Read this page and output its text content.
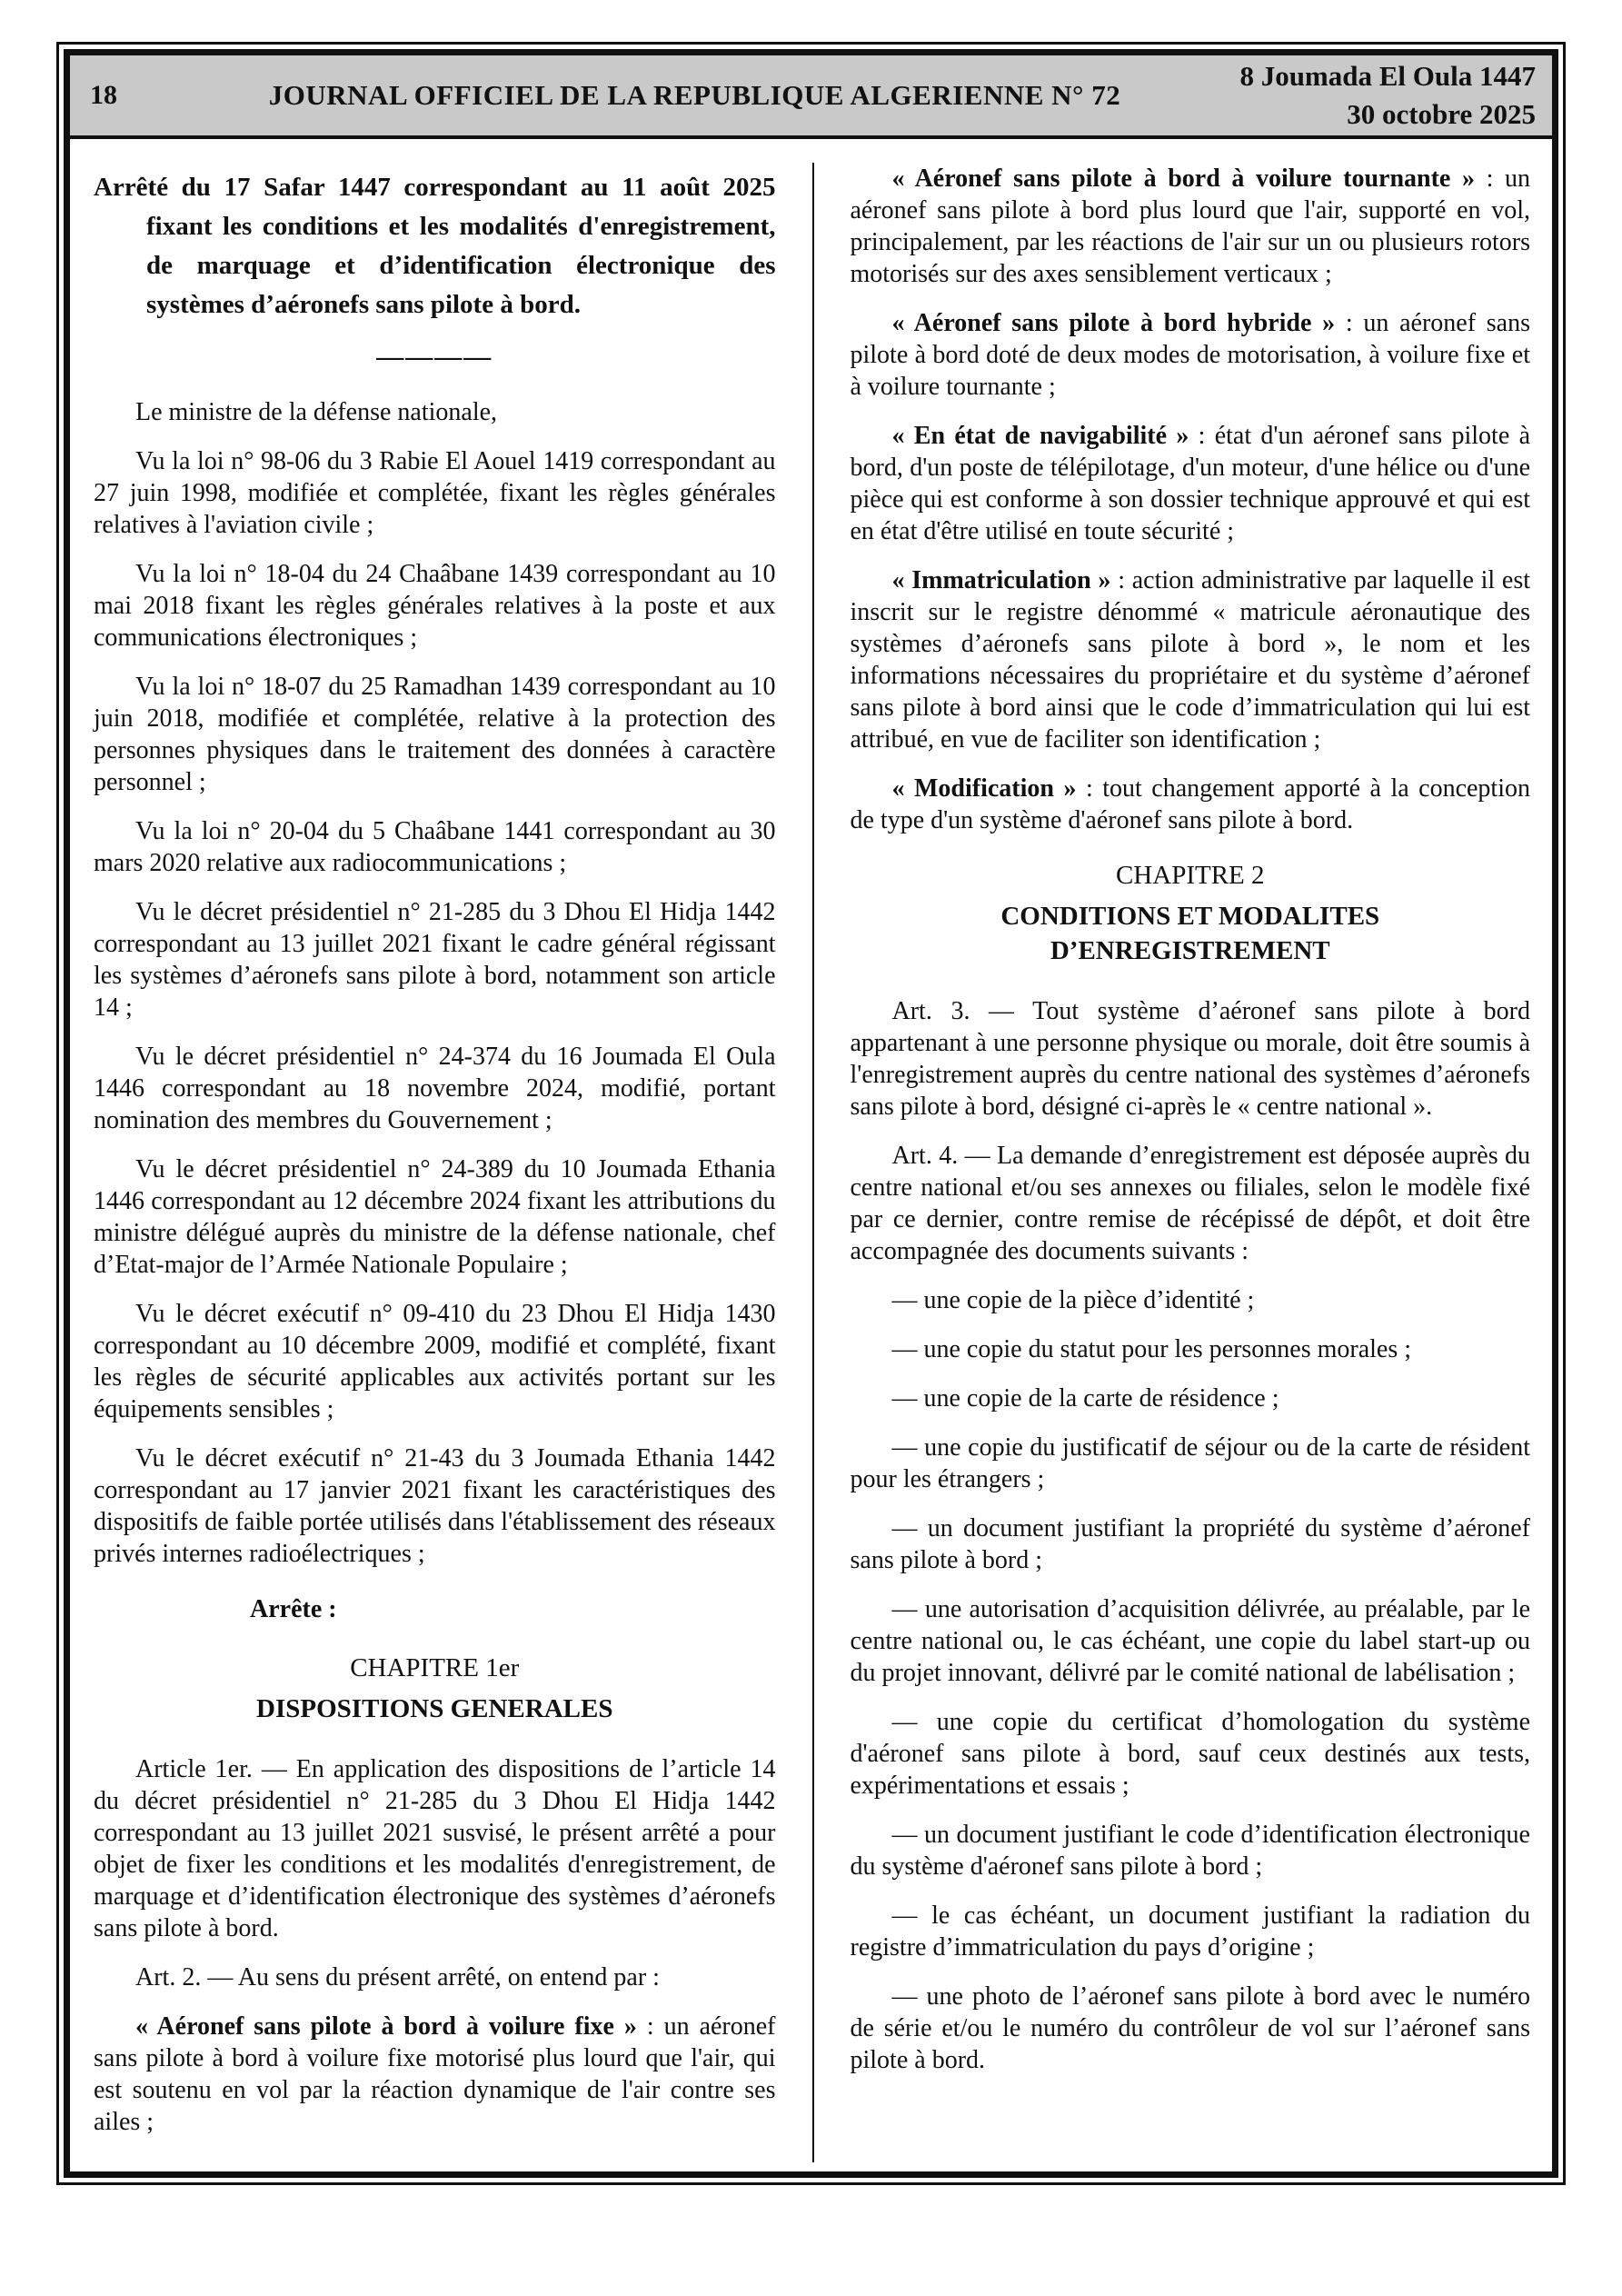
18	JOURNAL OFFICIEL DE LA REPUBLIQUE ALGERIENNE N° 72
8 Joumada El Oula 1447
30 octobre 2025

Arrêté du 17 Safar 1447 correspondant au 11 août 2025 fixant les conditions et les modalités d'enregistrement, de marquage et d’identification électronique des systèmes d’aéronefs sans pilote à bord.

————

Le ministre de la défense nationale,

Vu la loi n° 98-06 du 3 Rabie El Aouel 1419 correspondant au 27 juin 1998, modifiée et complétée, fixant les règles générales relatives à l'aviation civile ;

Vu la loi n° 18-04 du 24 Chaâbane 1439 correspondant au 10 mai 2018 fixant les règles générales relatives à la poste et aux communications électroniques ;

Vu la loi n° 18-07 du 25 Ramadhan 1439 correspondant au 10 juin 2018, modifiée et complétée, relative à la protection des personnes physiques dans le traitement des données à caractère personnel ;

Vu la loi n° 20-04 du 5 Chaâbane 1441 correspondant au 30 mars 2020 relative aux radiocommunications ;

Vu le décret présidentiel n° 21-285 du 3 Dhou El Hidja 1442 correspondant au 13 juillet 2021 fixant le cadre général régissant les systèmes d’aéronefs sans pilote à bord, notamment son article 14 ;

Vu le décret présidentiel n° 24-374 du 16 Joumada El Oula 1446 correspondant au 18 novembre 2024, modifié, portant nomination des membres du Gouvernement ;

Vu le décret présidentiel n° 24-389 du 10 Joumada Ethania 1446 correspondant au 12 décembre 2024 fixant les attributions du ministre délégué auprès du ministre de la défense nationale, chef d’Etat-major de l’Armée Nationale Populaire ;

Vu le décret exécutif n° 09-410 du 23 Dhou El Hidja 1430 correspondant au 10 décembre 2009, modifié et complété, fixant les règles de sécurité applicables aux activités portant sur les équipements sensibles ;

Vu le décret exécutif n° 21-43 du 3 Joumada Ethania 1442 correspondant au 17 janvier 2021 fixant les caractéristiques des dispositifs de faible portée utilisés dans l'établissement des réseaux privés internes radioélectriques ;

Arrête :

CHAPITRE 1er
DISPOSITIONS GENERALES

Article 1er. — En application des dispositions de l’article 14 du décret présidentiel n° 21-285 du 3 Dhou El Hidja 1442 correspondant au 13 juillet 2021 susvisé, le présent arrêté a pour objet de fixer les conditions et les modalités d'enregistrement, de marquage et d’identification électronique des systèmes d’aéronefs sans pilote à bord.

Art. 2. — Au sens du présent arrêté, on entend par :

« Aéronef sans pilote à bord à voilure fixe » : un aéronef sans pilote à bord à voilure fixe motorisé plus lourd que l'air, qui est soutenu en vol par la réaction dynamique de l'air contre ses ailes ;

« Aéronef sans pilote à bord à voilure tournante » : un aéronef sans pilote à bord plus lourd que l'air, supporté en vol, principalement, par les réactions de l'air sur un ou plusieurs rotors motorisés sur des axes sensiblement verticaux ;

« Aéronef sans pilote à bord hybride » : un aéronef sans pilote à bord doté de deux modes de motorisation, à voilure fixe et à voilure tournante ;

« En état de navigabilité » : état d'un aéronef sans pilote à bord, d'un poste de télépilotage, d'un moteur, d'une hélice ou d'une pièce qui est conforme à son dossier technique approuvé et qui est en état d'être utilisé en toute sécurité ;

« Immatriculation » : action administrative par laquelle il est inscrit sur le registre dénommé « matricule aéronautique des systèmes d’aéronefs sans pilote à bord », le nom et les informations nécessaires du propriétaire et du système d’aéronef sans pilote à bord ainsi que le code d’immatriculation qui lui est attribué, en vue de faciliter son identification ;

« Modification » : tout changement apporté à la conception de type d'un système d'aéronef sans pilote à bord.

CHAPITRE 2
CONDITIONS ET MODALITES D’ENREGISTREMENT

Art. 3. — Tout système d’aéronef sans pilote à bord appartenant à une personne physique ou morale, doit être soumis à l'enregistrement auprès du centre national des systèmes d’aéronefs sans pilote à bord, désigné ci-après le « centre national ».

Art. 4. — La demande d’enregistrement est déposée auprès du centre national et/ou ses annexes ou filiales, selon le modèle fixé par ce dernier, contre remise de récépissé de dépôt, et doit être accompagnée des documents suivants :

— une copie de la pièce d’identité ;

— une copie du statut pour les personnes morales ;

— une copie de la carte de résidence ;

— une copie du justificatif de séjour ou de la carte de résident pour les étrangers ;

— un document justifiant la propriété du système d’aéronef sans pilote à bord ;

— une autorisation d’acquisition délivrée, au préalable, par le centre national ou, le cas échéant, une copie du label start-up ou du projet innovant, délivré par le comité national de labélisation ;

— une copie du certificat d’homologation du système d'aéronef sans pilote à bord, sauf ceux destinés aux tests, expérimentations et essais ;

— un document justifiant le code d’identification électronique du système d'aéronef sans pilote à bord ;

— le cas échéant, un document justifiant la radiation du registre d’immatriculation du pays d’origine ;

— une photo de l’aéronef sans pilote à bord avec le numéro de série et/ou le numéro du contrôleur de vol sur l’aéronef sans pilote à bord.
